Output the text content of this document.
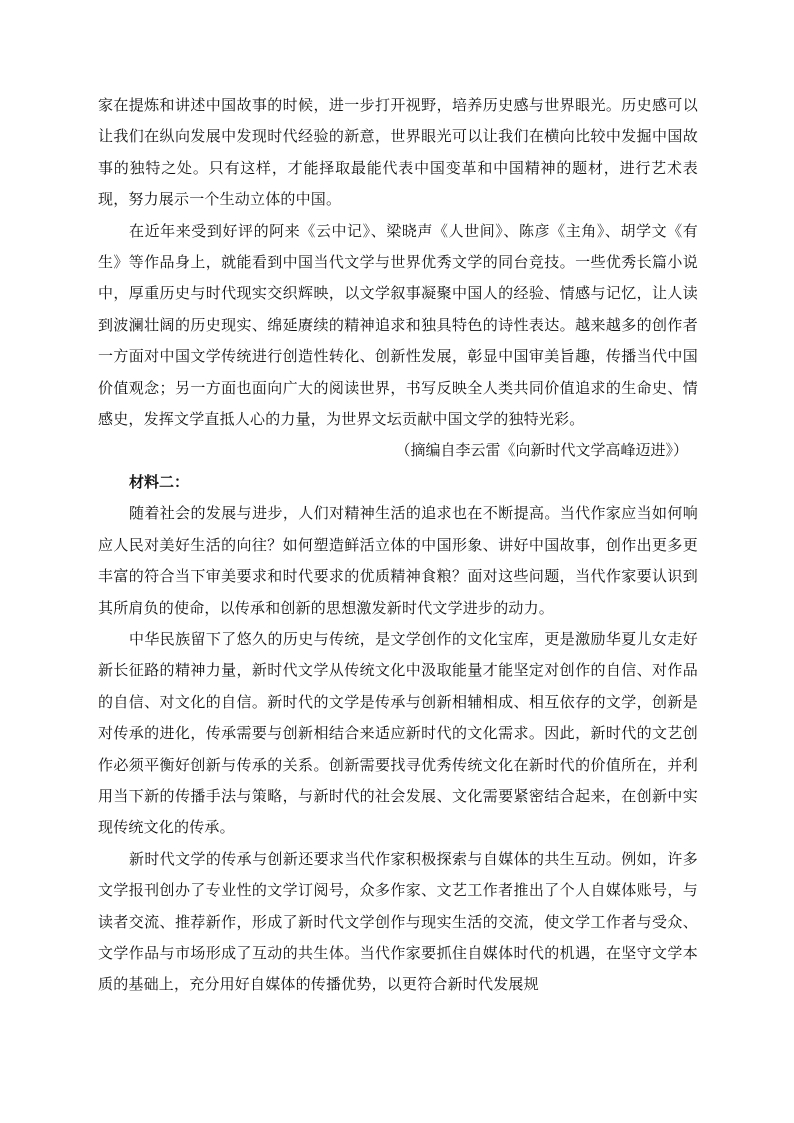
家在提炼和讲述中国故事的时候，进一步打开视野，培养历史感与世界眼光。历史感可以让我们在纵向发展中发现时代经验的新意，世界眼光可以让我们在横向比较中发掘中国故事的独特之处。只有这样，才能择取最能代表中国变革和中国精神的题材，进行艺术表现，努力展示一个生动立体的中国。

在近年来受到好评的阿来《云中记》、梁晓声《人世间》、陈彦《主角》、胡学文《有生》等作品身上，就能看到中国当代文学与世界优秀文学的同台竞技。一些优秀长篇小说中，厚重历史与时代现实交织辉映，以文学叙事凝聚中国人的经验、情感与记忆，让人读到波澜壮阔的历史现实、绵延赓续的精神追求和独具特色的诗性表达。越来越多的创作者一方面对中国文学传统进行创造性转化、创新性发展，彰显中国审美旨趣，传播当代中国价值观念；另一方面也面向广大的阅读世界，书写反映全人类共同价值追求的生命史、情感史，发挥文学直抵人心的力量，为世界文坛贡献中国文学的独特光彩。

（摘编自李云雷《向新时代文学高峰迈进》）

材料二：

随着社会的发展与进步，人们对精神生活的追求也在不断提高。当代作家应当如何响应人民对美好生活的向往？如何塑造鲜活立体的中国形象、讲好中国故事，创作出更多更丰富的符合当下审美要求和时代要求的优质精神食粮？面对这些问题，当代作家要认识到其所肩负的使命，以传承和创新的思想激发新时代文学进步的动力。

中华民族留下了悠久的历史与传统，是文学创作的文化宝库，更是激励华夏儿女走好新长征路的精神力量，新时代文学从传统文化中汲取能量才能坚定对创作的自信、对作品的自信、对文化的自信。新时代的文学是传承与创新相辅相成、相互依存的文学，创新是对传承的进化，传承需要与创新相结合来适应新时代的文化需求。因此，新时代的文艺创作必须平衡好创新与传承的关系。创新需要找寻优秀传统文化在新时代的价值所在，并利用当下新的传播手法与策略，与新时代的社会发展、文化需要紧密结合起来，在创新中实现传统文化的传承。

新时代文学的传承与创新还要求当代作家积极探索与自媒体的共生互动。例如，许多文学报刊创办了专业性的文学订阅号，众多作家、文艺工作者推出了个人自媒体账号，与读者交流、推荐新作，形成了新时代文学创作与现实生活的交流，使文学工作者与受众、文学作品与市场形成了互动的共生体。当代作家要抓住自媒体时代的机遇，在坚守文学本质的基础上，充分用好自媒体的传播优势，以更符合新时代发展规
